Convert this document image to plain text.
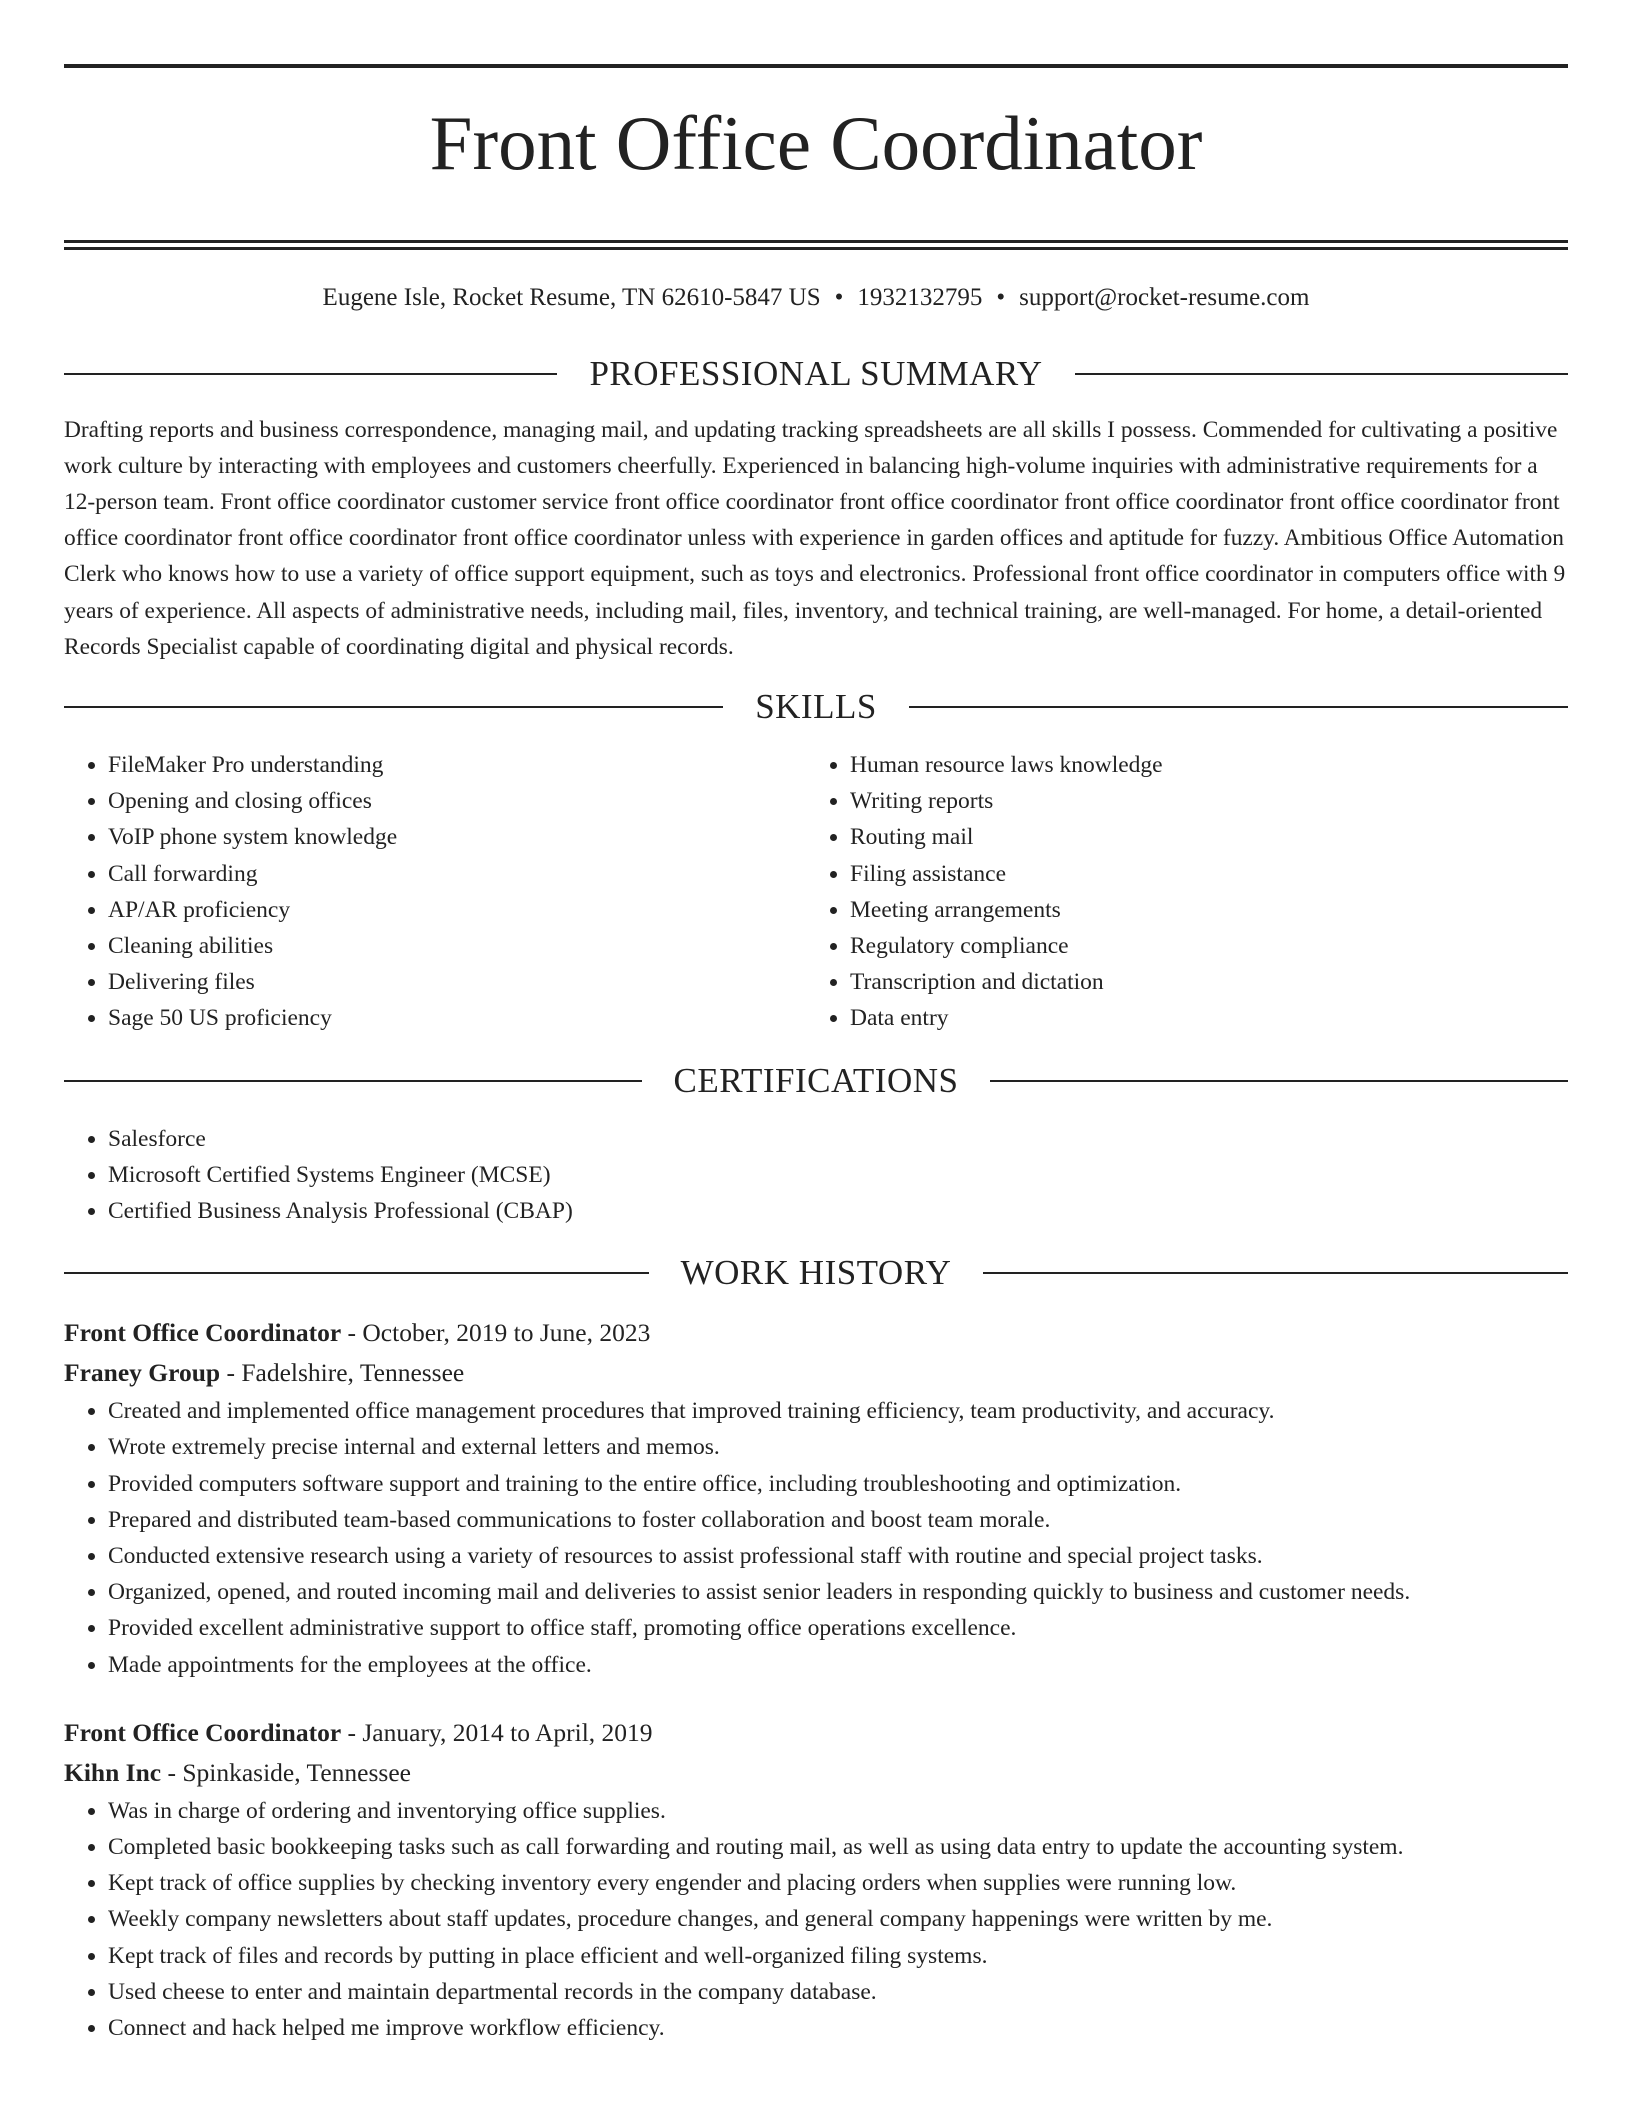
Front Office Coordinator
Eugene Isle, Rocket Resume, TN 62610-5847 US • 1932132795 • support@rocket-resume.com
PROFESSIONAL SUMMARY

Drafting reports and business correspondence, managing mail, and updating tracking spreadsheets are all skills I possess. Commended for cultivating a positive work culture by interacting with employees and customers cheerfully. Experienced in balancing high-volume inquiries with administrative requirements for a 12-person team. Front office coordinator customer service front office coordinator front office coordinator front office coordinator front office coordinator front office coordinator front office coordinator front office coordinator unless with experience in garden offices and aptitude for fuzzy. Ambitious Office Automation Clerk who knows how to use a variety of office support equipment, such as toys and electronics. Professional front office coordinator in computers office with 9 years of experience. All aspects of administrative needs, including mail, files, inventory, and technical training, are well-managed. For home, a detail-oriented Records Specialist capable of coordinating digital and physical records.

SKILLS
• FileMaker Pro understanding
• Opening and closing offices
• VoIP phone system knowledge
• Call forwarding
• AP/AR proficiency
• Cleaning abilities
• Delivering files
• Sage 50 US proficiency
• Human resource laws knowledge
• Writing reports
• Routing mail
• Filing assistance
• Meeting arrangements
• Regulatory compliance
• Transcription and dictation
• Data entry
CERTIFICATIONS
• Salesforce
• Microsoft Certified Systems Engineer (MCSE)
• Certified Business Analysis Professional (CBAP)
WORK HISTORY
Front Office Coordinator - October, 2019 to June, 2023
Franey Group - Fadelshire, Tennessee
• Created and implemented office management procedures that improved training efficiency, team productivity, and accuracy.
• Wrote extremely precise internal and external letters and memos.
• Provided computers software support and training to the entire office, including troubleshooting and optimization.
• Prepared and distributed team-based communications to foster collaboration and boost team morale.
• Conducted extensive research using a variety of resources to assist professional staff with routine and special project tasks.
• Organized, opened, and routed incoming mail and deliveries to assist senior leaders in responding quickly to business and customer needs.
• Provided excellent administrative support to office staff, promoting office operations excellence.
• Made appointments for the employees at the office.
Front Office Coordinator - January, 2014 to April, 2019
Kihn Inc - Spinkaside, Tennessee
• Was in charge of ordering and inventorying office supplies.
• Completed basic bookkeeping tasks such as call forwarding and routing mail, as well as using data entry to update the accounting system.
• Kept track of office supplies by checking inventory every engender and placing orders when supplies were running low.
• Weekly company newsletters about staff updates, procedure changes, and general company happenings were written by me.
• Kept track of files and records by putting in place efficient and well-organized filing systems.
• Used cheese to enter and maintain departmental records in the company database.
• Connect and hack helped me improve workflow efficiency.
